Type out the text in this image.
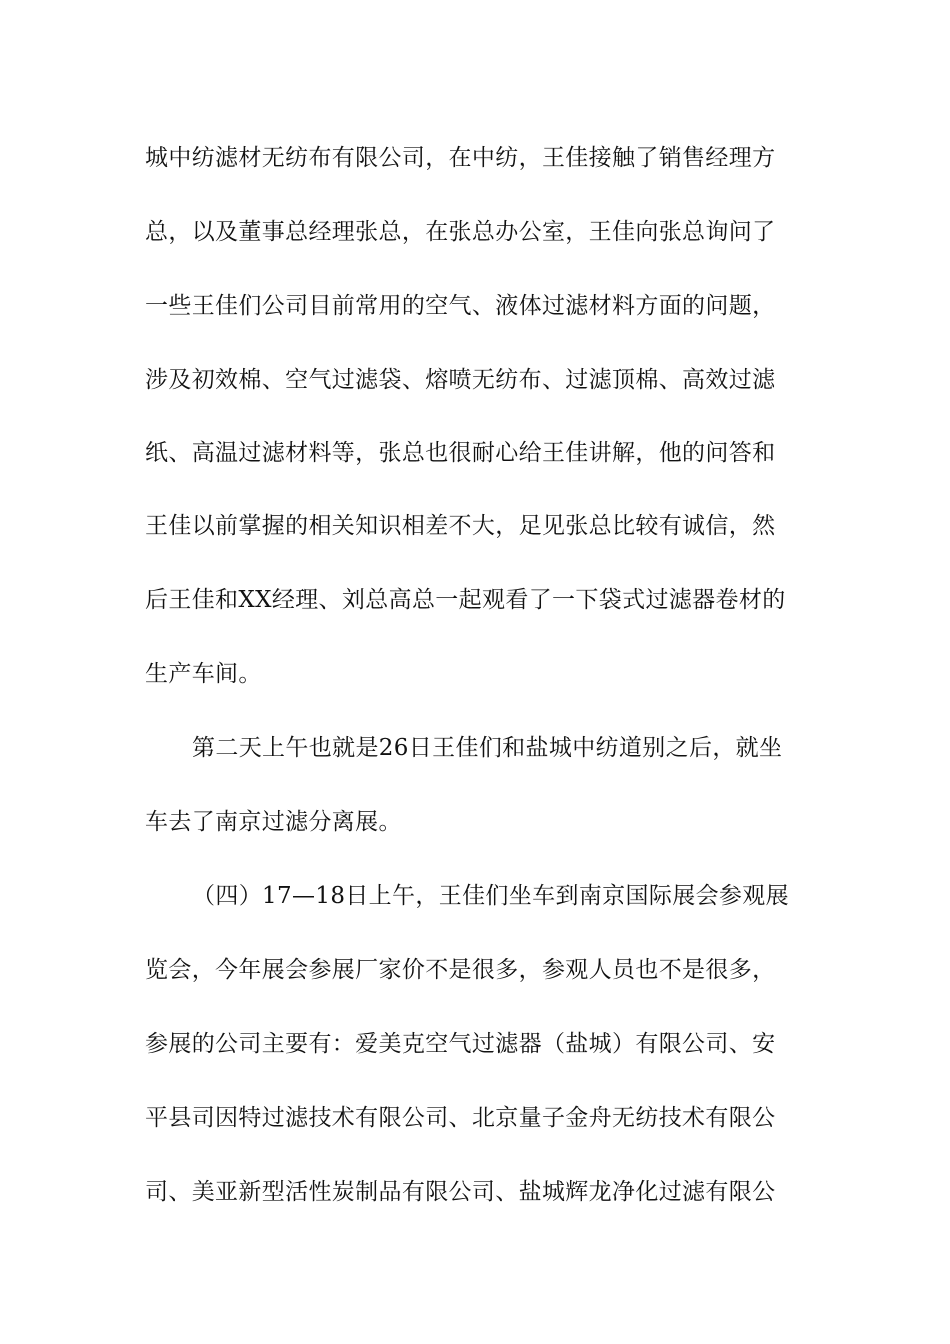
城中纺滤材无纺布有限公司，在中纺，王佳接触了销售经理方
总，以及董事总经理张总，在张总办公室，王佳向张总询问了
一些王佳们公司目前常用的空气、液体过滤材料方面的问题，
涉及初效棉、空气过滤袋、熔喷无纺布、过滤顶棉、高效过滤
纸、高温过滤材料等，张总也很耐心给王佳讲解，他的问答和
王佳以前掌握的相关知识相差不大，足见张总比较有诚信，然
后王佳和XX经理、刘总高总一起观看了一下袋式过滤器卷材的
生产车间。
第二天上午也就是26日王佳们和盐城中纺道别之后，就坐
车去了南京过滤分离展。
（四）17—18日上午，王佳们坐车到南京国际展会参观展
览会，今年展会参展厂家价不是很多，参观人员也不是很多，
参展的公司主要有：爱美克空气过滤器（盐城）有限公司、安
平县司因特过滤技术有限公司、北京量子金舟无纺技术有限公
司、美亚新型活性炭制品有限公司、盐城辉龙净化过滤有限公
